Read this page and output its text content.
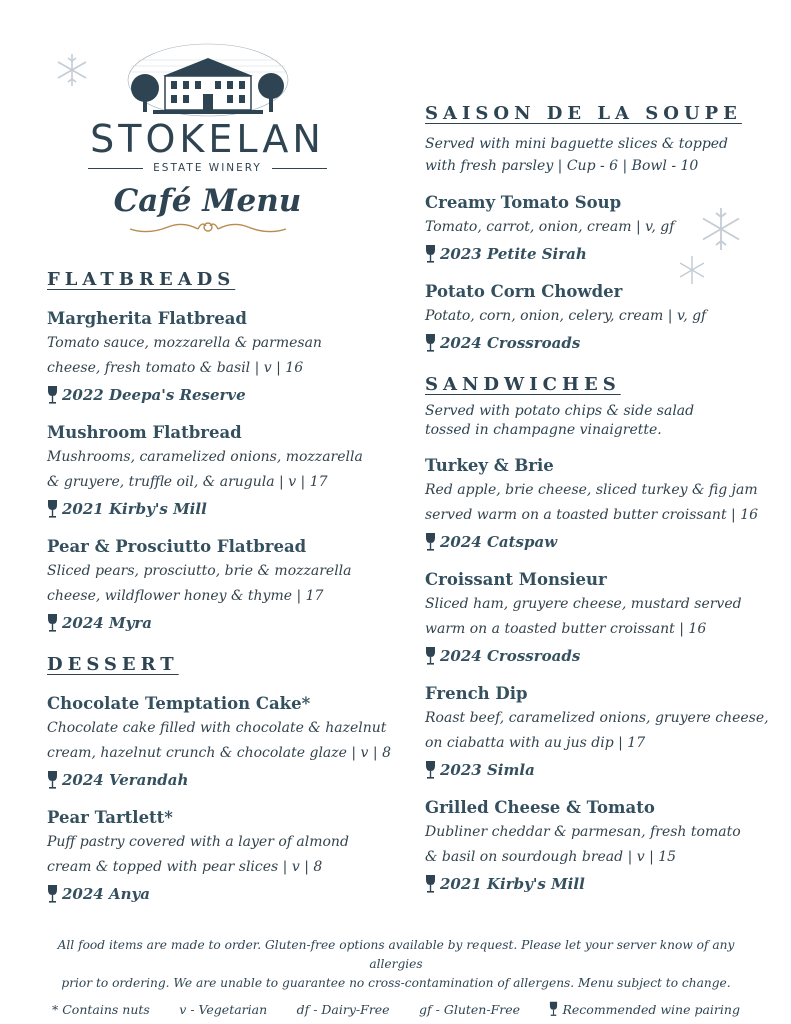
STOKELAN
ESTATE WINERY
Café Menu
FLATBREADS

Margherita Flatbread

Tomato sauce, mozzarella & parmesan

cheese, fresh tomato & basil | v | 16

2022 Deepa's Reserve

Mushroom Flatbread

Mushrooms, caramelized onions, mozzarella

& gruyere, truffle oil, & arugula | v | 17

2021 Kirby's Mill

Pear & Prosciutto Flatbread

Sliced pears, prosciutto, brie & mozzarella

cheese, wildflower honey & thyme | 17

2024 Myra
DESSERT

Chocolate Temptation Cake*

Chocolate cake filled with chocolate & hazelnut

cream, hazelnut crunch & chocolate glaze | v | 8

2024 Verandah

Pear Tartlett*

Puff pastry covered with a layer of almond

cream & topped with pear slices | v | 8

2024 Anya
SAISON DE LA SOUPE

Served with mini baguette slices & topped

with fresh parsley | Cup - 6 | Bowl - 10

Creamy Tomato Soup

Tomato, carrot, onion, cream | v, gf

2023 Petite Sirah

Potato Corn Chowder

Potato, corn, onion, celery, cream | v, gf

2024 Crossroads
SANDWICHES

Served with potato chips & side salad

tossed in champagne vinaigrette.

Turkey & Brie

Red apple, brie cheese, sliced turkey & fig jam

served warm on a toasted butter croissant | 16

2024 Catspaw

Croissant Monsieur

Sliced ham, gruyere cheese, mustard served

warm on a toasted butter croissant | 16

2024 Crossroads

French Dip

Roast beef, caramelized onions, gruyere cheese,

on ciabatta with au jus dip | 17

2023 Simla

Grilled Cheese & Tomato

Dubliner cheddar & parmesan, fresh tomato

& basil on sourdough bread | v | 15

2021 Kirby's Mill

All food items are made to order. Gluten-free options available by request. Please let your server know of any allergies

prior to ordering. We are unable to guarantee no cross-contamination of allergens. Menu subject to change.

* Contains nuts v - Vegetarian df - Dairy-Free gf - Gluten-Free	Recommended wine pairing
